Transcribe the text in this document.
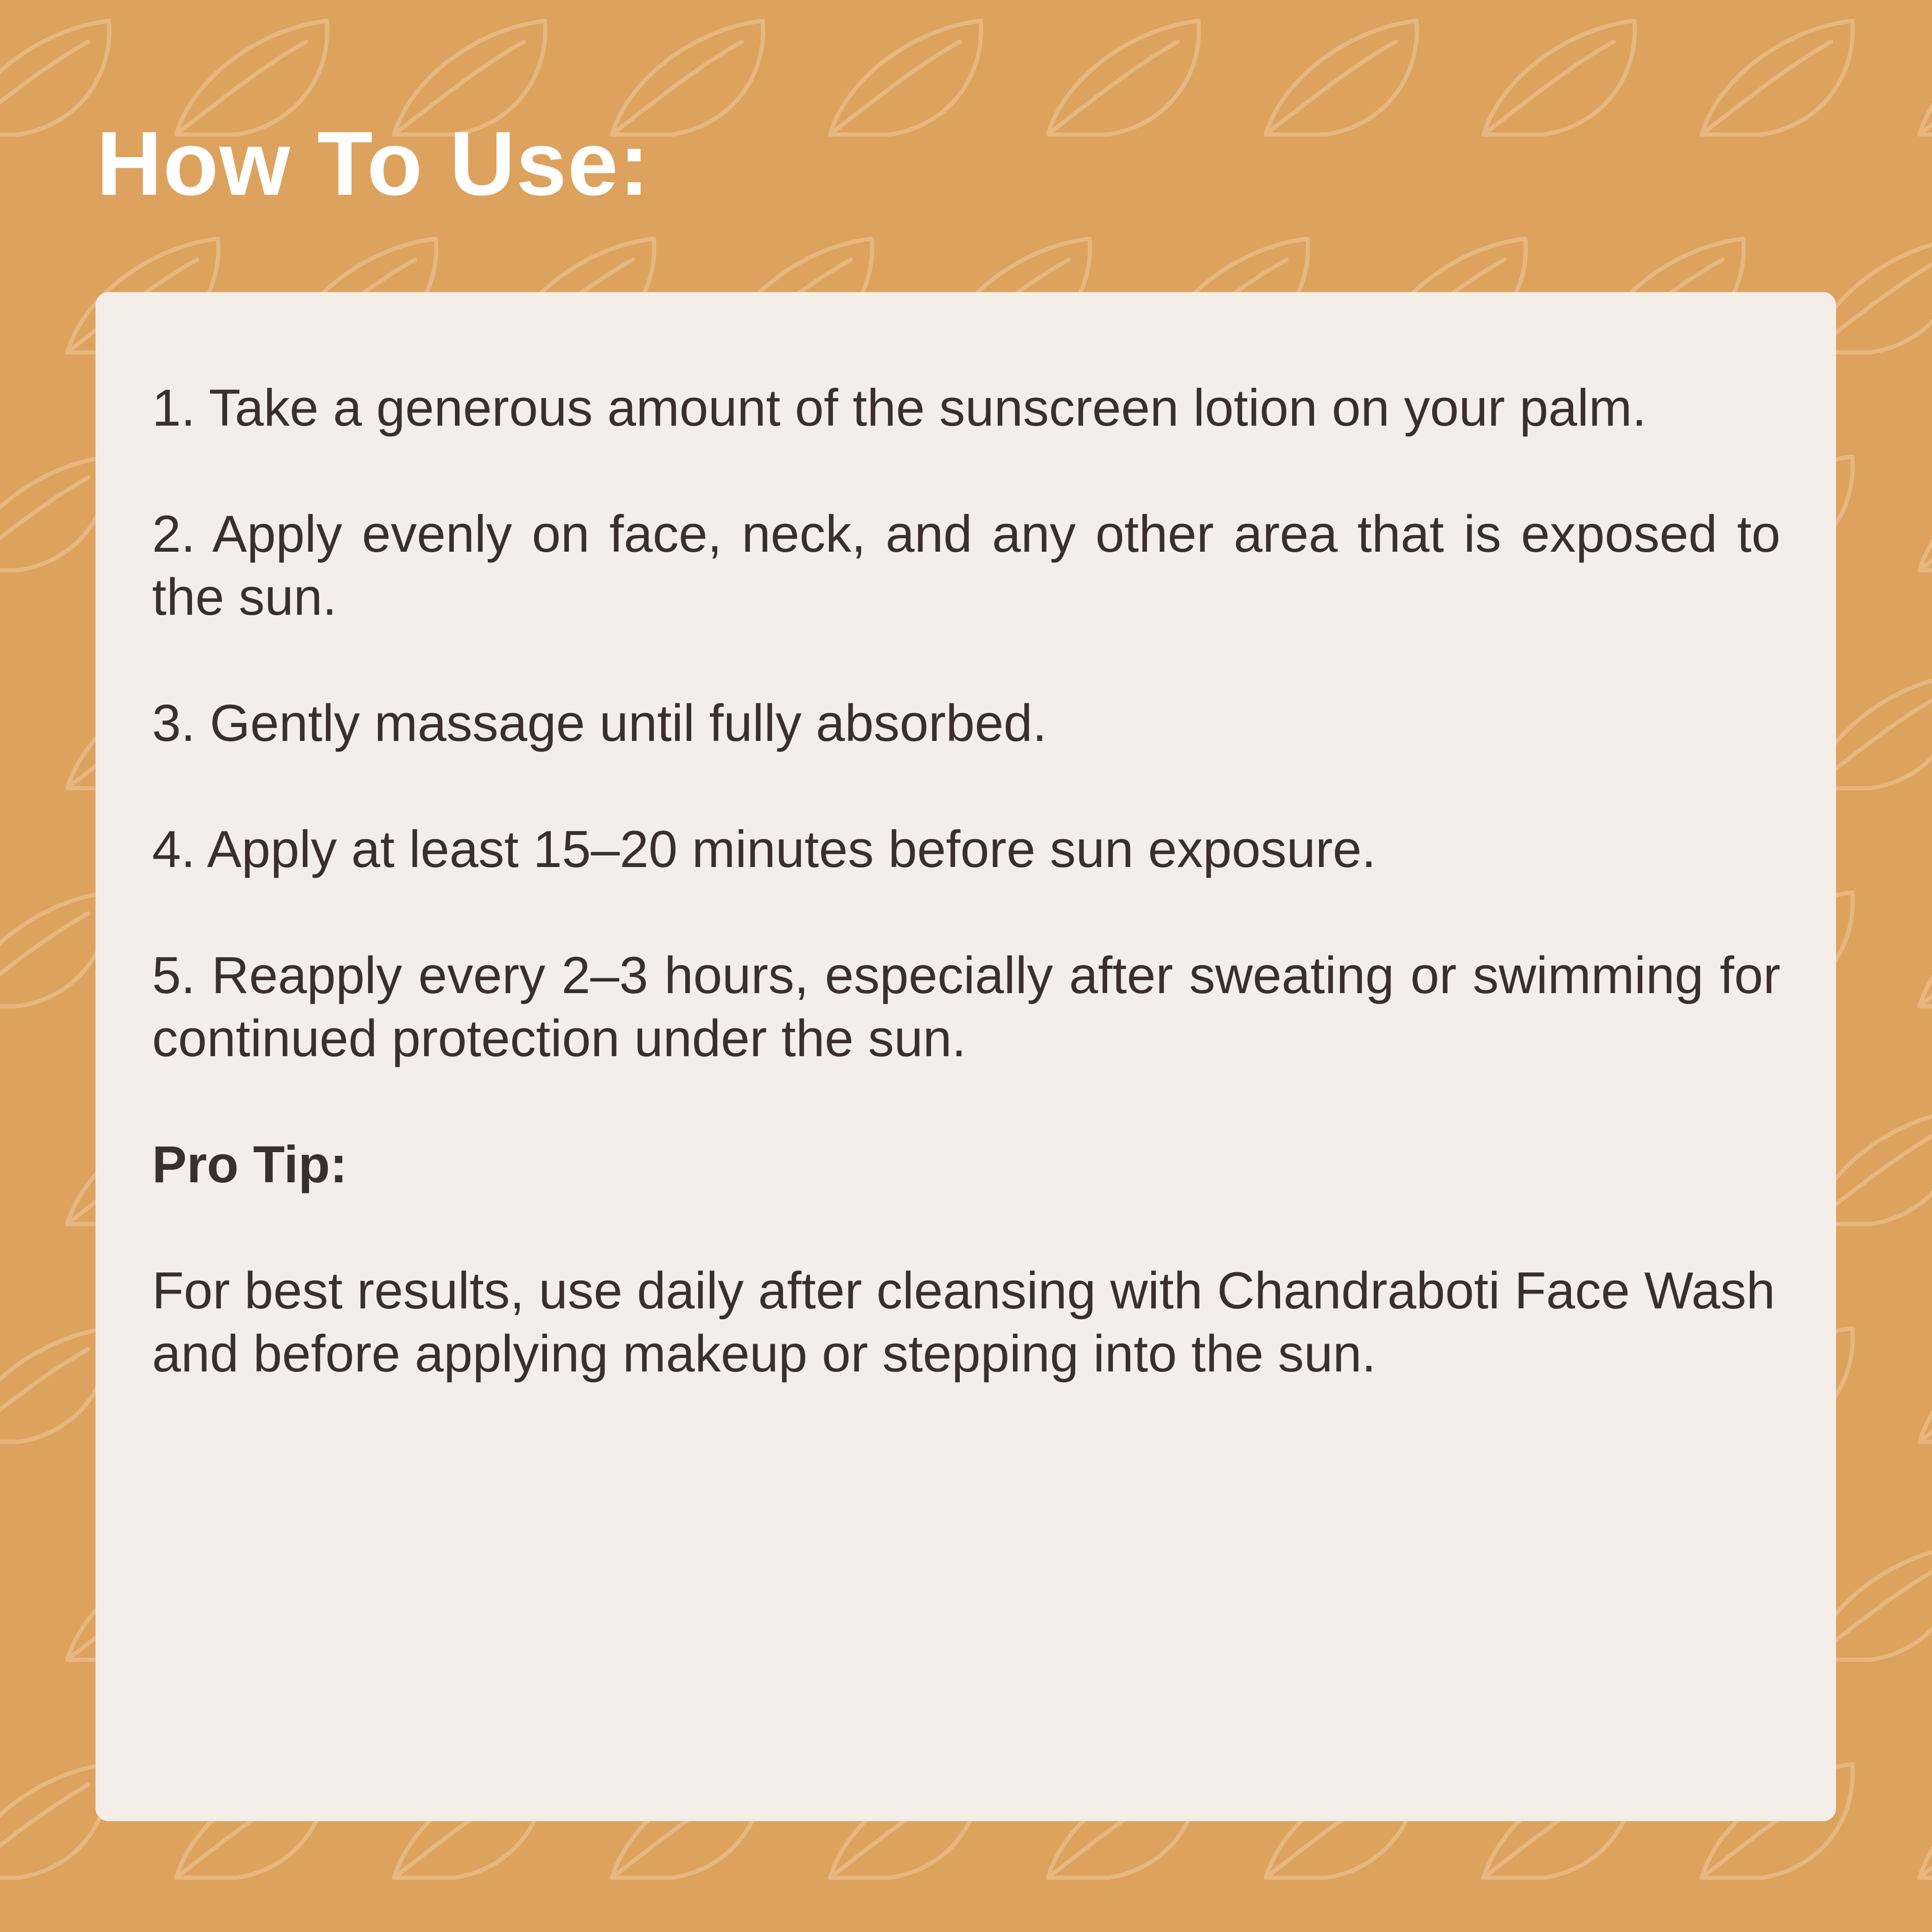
How To Use:

1. Take a generous amount of the sunscreen lotion on your palm.

2. Apply evenly on face, neck, and any other area that is exposed to the sun.

3. Gently massage until fully absorbed.

4. Apply at least 15–20 minutes before sun exposure.

5. Reapply every 2–3 hours, especially after sweating or swimming for continued protection under the sun.

Pro Tip:

For best results, use daily after cleansing with Chandraboti Face Wash and before applying makeup or stepping into the sun.
